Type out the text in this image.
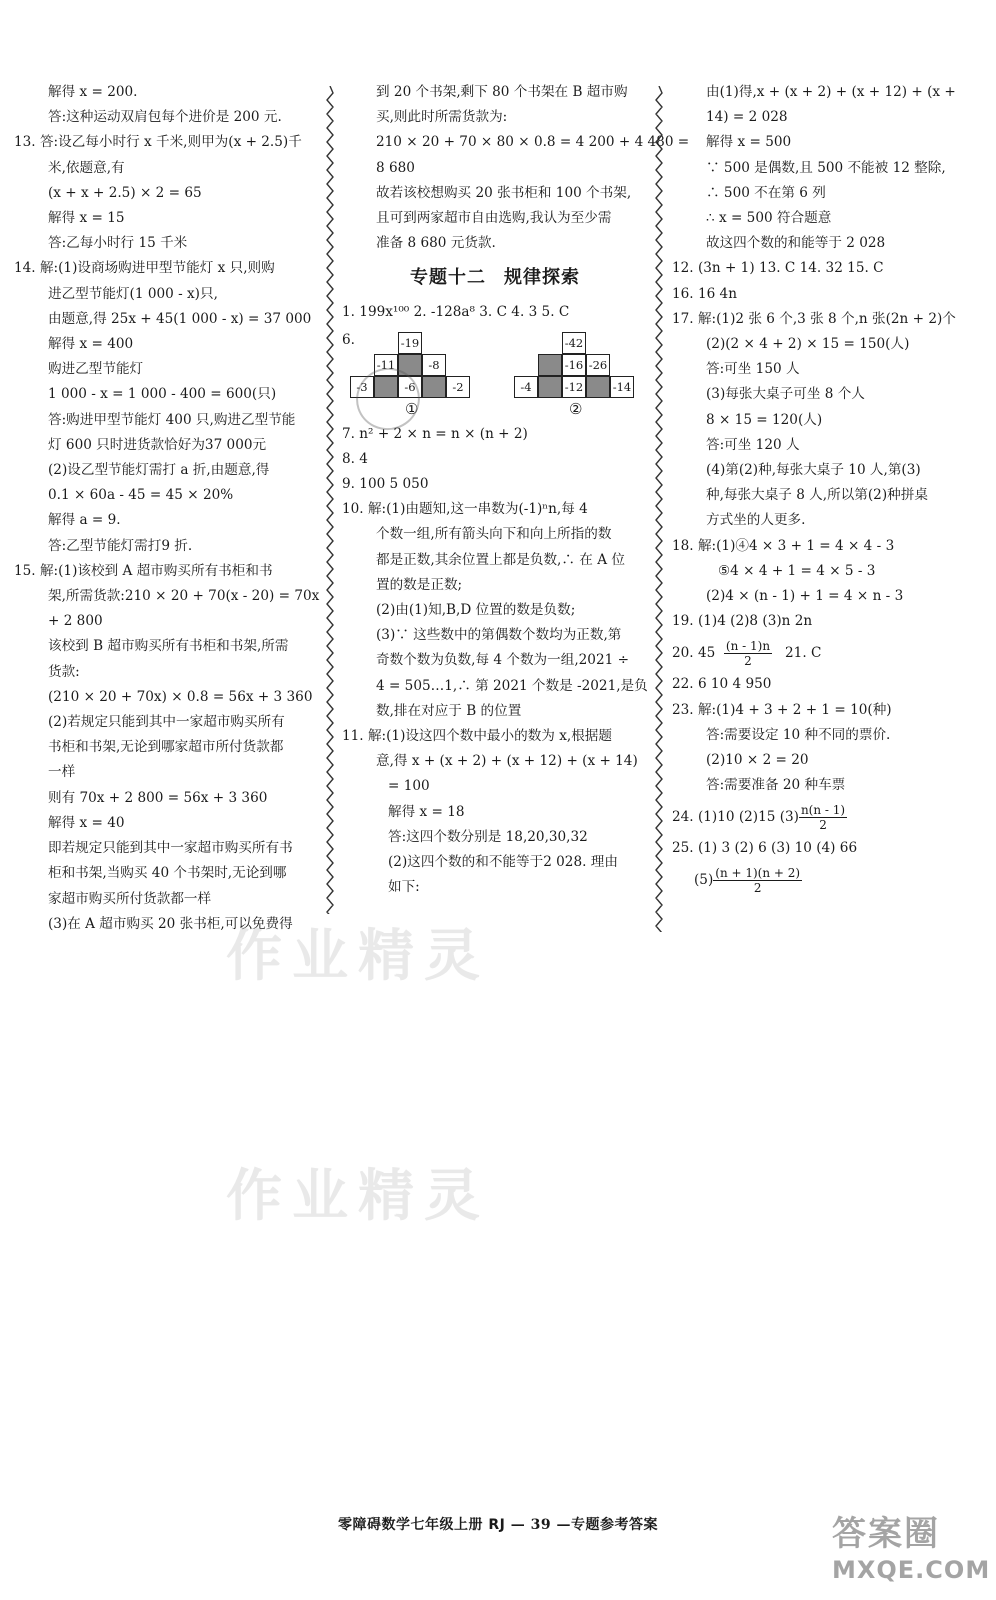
解得 x = 200.
答:这种运动双肩包每个进价是 200 元.
13. 答:设乙每小时行 x 千米,则甲为(x + 2.5)千
米,依题意,有
(x + x + 2.5) × 2 = 65
解得 x = 15
答:乙每小时行 15 千米
14. 解:(1)设商场购进甲型节能灯 x 只,则购
进乙型节能灯(1 000 - x)只,
由题意,得 25x + 45(1 000 - x) = 37 000
解得 x = 400
购进乙型节能灯
1 000 - x = 1 000 - 400 = 600(只)
答:购进甲型节能灯 400 只,购进乙型节能
灯 600 只时进货款恰好为37 000元
(2)设乙型节能灯需打 a 折,由题意,得
0.1 × 60a - 45 = 45 × 20%
解得 a = 9.
答:乙型节能灯需打9 折.
15. 解:(1)该校到 A 超市购买所有书柜和书
架,所需货款:210 × 20 + 70(x - 20) = 70x
+ 2 800
该校到 B 超市购买所有书柜和书架,所需
货款:
(210 × 20 + 70x) × 0.8 = 56x + 3 360
(2)若规定只能到其中一家超市购买所有
书柜和书架,无论到哪家超市所付货款都
一样
则有 70x + 2 800 = 56x + 3 360
解得 x = 40
即若规定只能到其中一家超市购买所有书
柜和书架,当购买 40 个书架时,无论到哪
家超市购买所付货款都一样
(3)在 A 超市购买 20 张书柜,可以免费得
到 20 个书架,剩下 80 个书架在 B 超市购
买,则此时所需货款为:
210 × 20 + 70 × 80 × 0.8 = 4 200 + 4 480 =
8 680
故若该校想购买 20 张书柜和 100 个书架,
且可到两家超市自由选购,我认为至少需
准备 8 680 元货款.
专题十二 规律探索
1. 199x¹⁰⁰ 2. -128a⁸ 3. C 4. 3 5. C
6.	-19
-11	-8
-3	-6	-2
①
-42
-16 -26
-4	-12	-14
②
7. n² + 2 × n = n × (n + 2)
8. 4
9. 100 5 050
10. 解:(1)由题知,这一串数为(-1)ⁿn,每 4
个数一组,所有箭头向下和向上所指的数
都是正数,其余位置上都是负数,∴ 在 A 位
置的数是正数;
(2)由(1)知,B,D 位置的数是负数;
(3)∵ 这些数中的第偶数个数均为正数,第
奇数个数为负数,每 4 个数为一组,2021 ÷
4 = 505…1,∴ 第 2021 个数是 -2021,是负
数,排在对应于 B 的位置
11. 解:(1)设这四个数中最小的数为 x,根据题
意,得 x + (x + 2) + (x + 12) + (x + 14)
= 100
解得 x = 18
答:这四个数分别是 18,20,30,32
(2)这四个数的和不能等于2 028. 理由
如下:
由(1)得,x + (x + 2) + (x + 12) + (x +
14) = 2 028
解得 x = 500
∵ 500 是偶数,且 500 不能被 12 整除,
∴ 500 不在第 6 列
∴ x = 500 符合题意
故这四个数的和能等于 2 028
12. (3n + 1) 13. C 14. 32 15. C
16. 16 4n
17. 解:(1)2 张 6 个,3 张 8 个,n 张(2n + 2)个
(2)(2 × 4 + 2) × 15 = 150(人)
答:可坐 150 人
(3)每张大桌子可坐 8 个人
8 × 15 = 120(人)
答:可坐 120 人
(4)第(2)种,每张大桌子 10 人,第(3)
种,每张大桌子 8 人,所以第(2)种拼桌
方式坐的人更多.
18. 解:(1)④4 × 3 + 1 = 4 × 4 - 3
⑤4 × 4 + 1 = 4 × 5 - 3
(2)4 × (n - 1) + 1 = 4 × n - 3
19. (1)4 (2)8 (3)n 2n
20. 45
$\frac{(n - 1)n}{2}$
21. C
22. 6 10 4 950
23. 解:(1)4 + 3 + 2 + 1 = 10(种)
答:需要设定 10 种不同的票价.
(2)10 × 2 = 20
答:需要准备 20 种车票
24. (1)10 (2)15 $(3) \frac{n(n - 1)}{2}$
25. (1) 3 (2) 6 (3) 10 (4) 66
$(5) \frac{(n + 1)(n + 2)}{2}$
作业精灵
作业精灵
零障碍数学七年级上册 RJ — 39 —专题参考答案	答案圈
MXQE.COM
